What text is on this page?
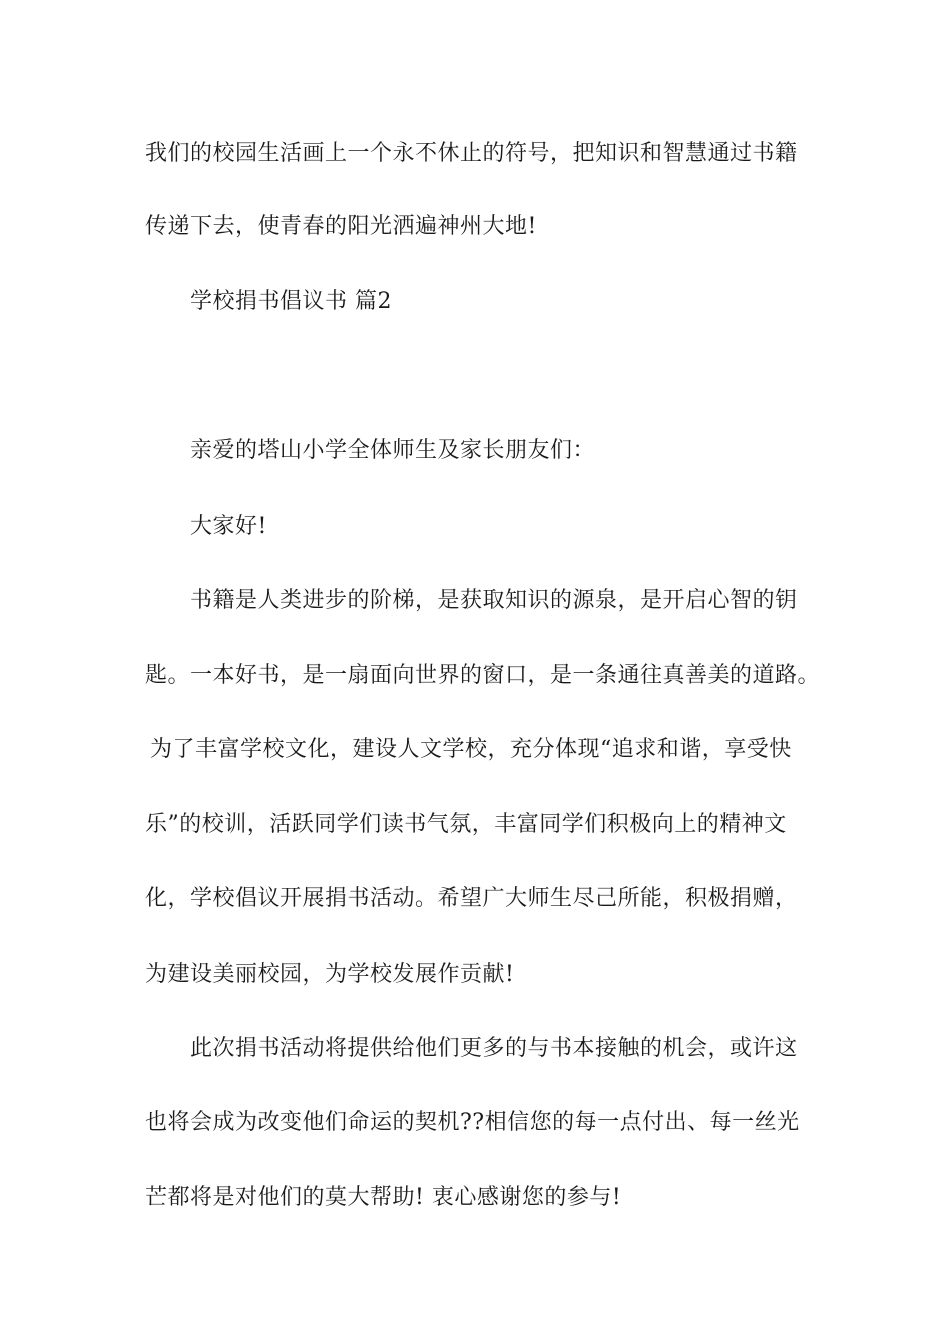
我们的校园生活画上一个永不休止的符号，把知识和智慧通过书籍
传递下去，使青春的阳光洒遍神州大地!
学校捐书倡议书 篇2
亲爱的塔山小学全体师生及家长朋友们：
大家好!
书籍是人类进步的阶梯，是获取知识的源泉，是开启心智的钥
匙。一本好书，是一扇面向世界的窗口，是一条通往真善美的道路。
为了丰富学校文化，建设人文学校，充分体现“追求和谐，享受快
乐”的校训，活跃同学们读书气氛，丰富同学们积极向上的精神文
化，学校倡议开展捐书活动。希望广大师生尽己所能，积极捐赠，
为建设美丽校园，为学校发展作贡献!
此次捐书活动将提供给他们更多的与书本接触的机会，或许这
也将会成为改变他们命运的契机??相信您的每一点付出、每一丝光
芒都将是对他们的莫大帮助! 衷心感谢您的参与!
